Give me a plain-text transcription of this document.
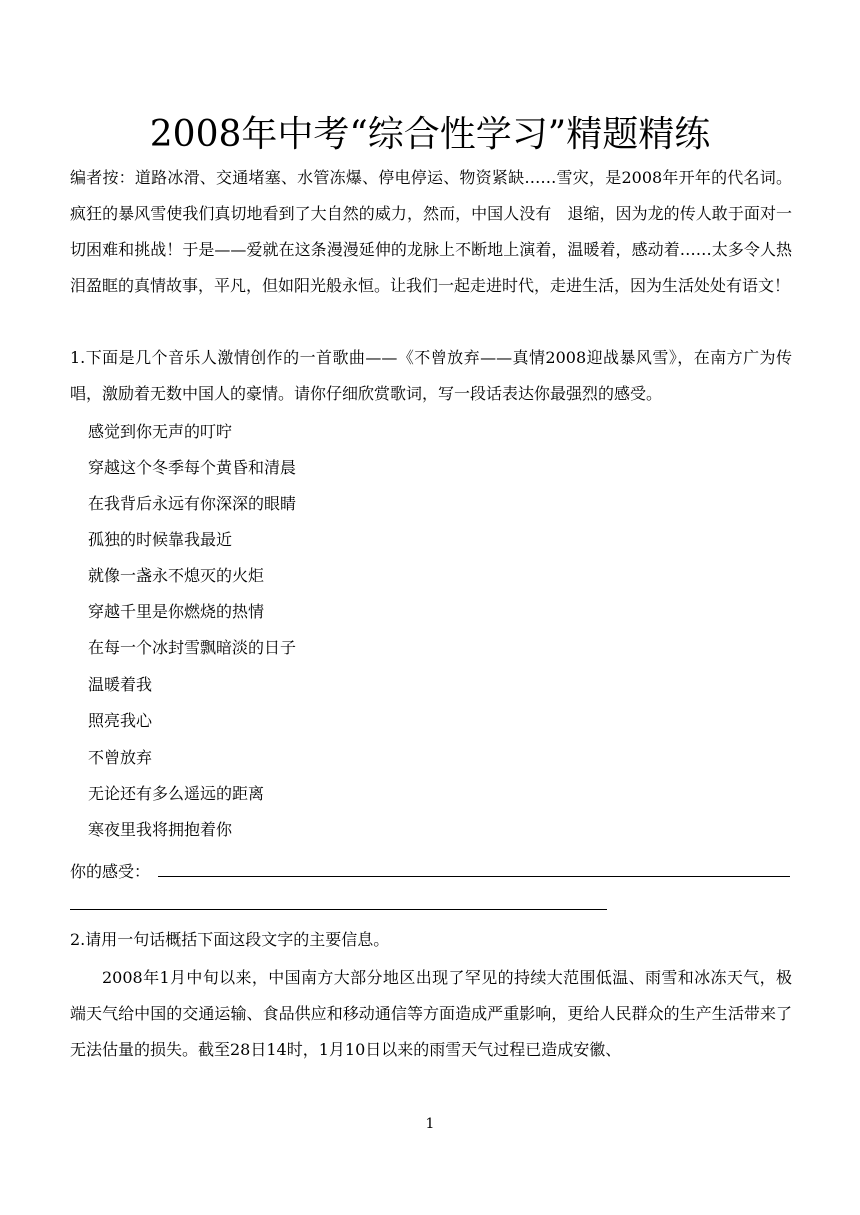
2008年中考“综合性学习”精题精练
编者按：道路冰滑、交通堵塞、水管冻爆、停电停运、物资紧缺……雪灾，是2008年开年的代名词。疯狂的暴风雪使我们真切地看到了大自然的威力，然而，中国人没有　退缩，因为龙的传人敢于面对一切困难和挑战！于是——爱就在这条漫漫延伸的龙脉上不断地上演着，温暖着，感动着……太多令人热泪盈眶的真情故事，平凡，但如阳光般永恒。让我们一起走进时代，走进生活，因为生活处处有语文！
1.下面是几个音乐人激情创作的一首歌曲——《不曾放弃——真情2008迎战暴风雪》，在南方广为传唱，激励着无数中国人的豪情。请你仔细欣赏歌词，写一段话表达你最强烈的感受。
感觉到你无声的叮咛
穿越这个冬季每个黄昏和清晨
在我背后永远有你深深的眼睛
孤独的时候靠我最近
就像一盏永不熄灭的火炬
穿越千里是你燃烧的热情
在每一个冰封雪飘暗淡的日子
温暖着我
照亮我心
不曾放弃
无论还有多么遥远的距离
寒夜里我将拥抱着你
你的感受：
2.请用一句话概括下面这段文字的主要信息。
2008年1月中旬以来，中国南方大部分地区出现了罕见的持续大范围低温、雨雪和冰冻天气，极端天气给中国的交通运输、食品供应和移动通信等方面造成严重影响，更给人民群众的生产生活带来了无法估量的损失。截至28日14时，1月10日以来的雨雪天气过程已造成安徽、
1
